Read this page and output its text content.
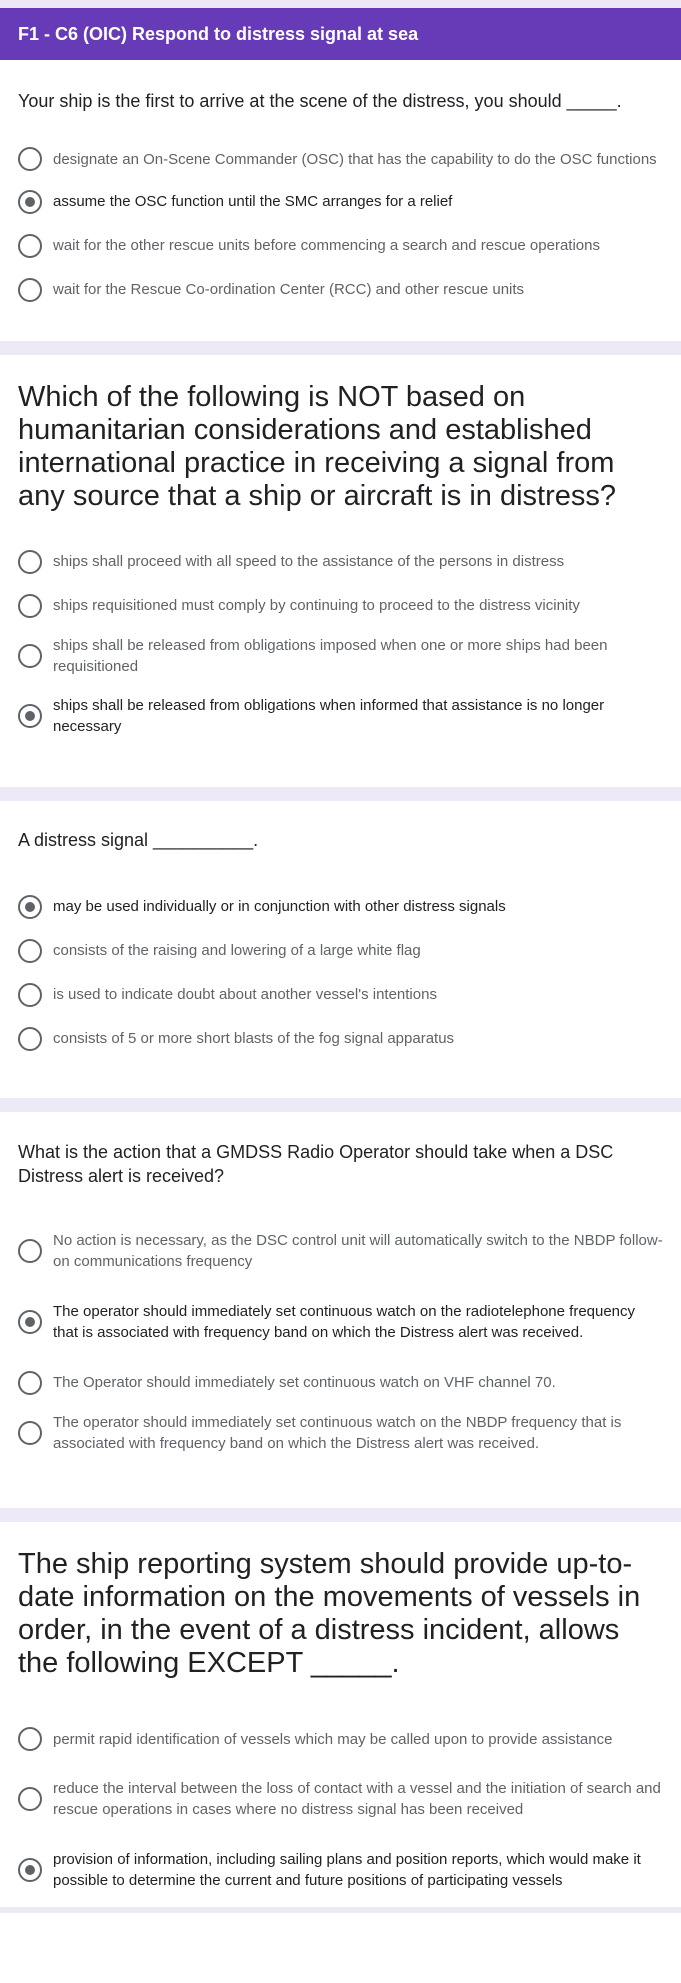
F1 - C6 (OIC) Respond to distress signal at sea
Your ship is the first to arrive at the scene of the distress, you should _____.
designate an On-Scene Commander (OSC) that has the capability to do the OSC functions
assume the OSC function until the SMC arranges for a relief
wait for the other rescue units before commencing a search and rescue operations
wait for the Rescue Co-ordination Center (RCC) and other rescue units
Which of the following is NOT based on humanitarian considerations and established international practice in receiving a signal from any source that a ship or aircraft is in distress?
ships shall proceed with all speed to the assistance of the persons in distress
ships requisitioned must comply by continuing to proceed to the distress vicinity
ships shall be released from obligations imposed when one or more ships had been requisitioned
ships shall be released from obligations when informed that assistance is no longer necessary
A distress signal __________.
may be used individually or in conjunction with other distress signals
consists of the raising and lowering of a large white flag
is used to indicate doubt about another vessel's intentions
consists of 5 or more short blasts of the fog signal apparatus
What is the action that a GMDSS Radio Operator should take when a DSC Distress alert is received?
No action is necessary, as the DSC control unit will automatically switch to the NBDP follow-on communications frequency
The operator should immediately set continuous watch on the radiotelephone frequency that is associated with frequency band on which the Distress alert was received.
The Operator should immediately set continuous watch on VHF channel 70.
The operator should immediately set continuous watch on the NBDP frequency that is associated with frequency band on which the Distress alert was received.
The ship reporting system should provide up-to-date information on the movements of vessels in order, in the event of a distress incident, allows the following EXCEPT _____.
permit rapid identification of vessels which may be called upon to provide assistance
reduce the interval between the loss of contact with a vessel and the initiation of search and rescue operations in cases where no distress signal has been received
provision of information, including sailing plans and position reports, which would make it possible to determine the current and future positions of participating vessels
